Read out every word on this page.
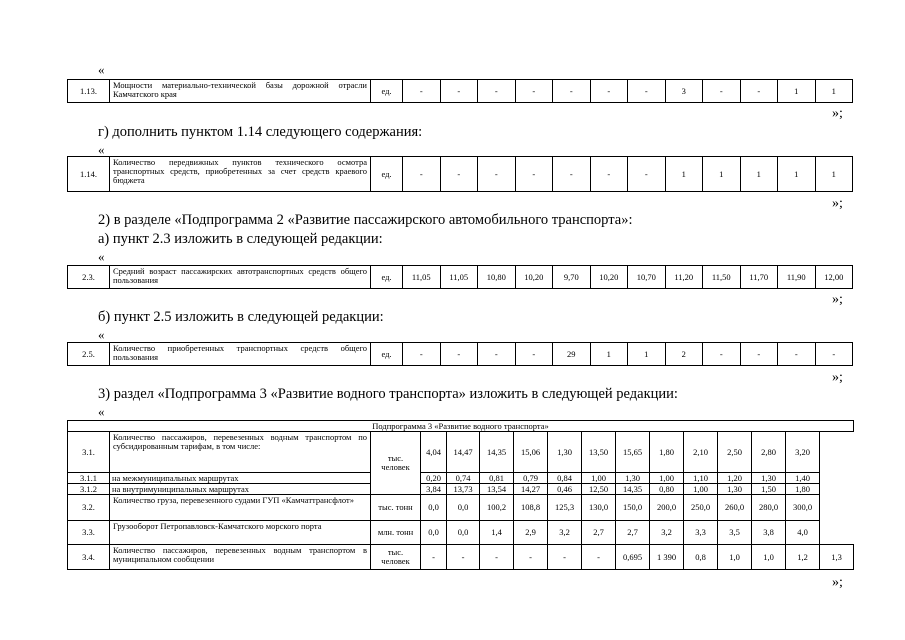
«
1.13.	Мощности материально-технической базы дорожной отрасли Камчатского края	ед.	-	-	-	-	-	-	-	3	-	-	1	1
»;
г) дополнить пунктом 1.14 следующего содержания:
«
1.14.	Количество передвижных пунктов технического осмотра транспортных средств, приобретенных за счет средств краевого бюджета	ед.	-	-	-	-	-	-	-	1	1	1	1	1
»;
2) в разделе «Подпрограмма 2 «Развитие пассажирского автомобильного транспорта»:
а) пункт 2.3 изложить в следующей редакции:
«
2.3.	Средний возраст пассажирских автотранспортных средств общего пользования	ед.	11,05	11,05	10,80	10,20	9,70	10,20	10,70	11,20	11,50	11,70	11,90	12,00
»;
б) пункт 2.5 изложить в следующей редакции:
«
2.5.	Количество приобретенных транспортных средств общего пользования	ед.	-	-	-	-	29	1	1	2	-	-	-	-
»;
3) раздел «Подпрограмма 3 «Развитие водного транспорта» изложить в следующей редакции:
«
Подпрограмма 3 «Развитие водного транспорта»															
3.1.	Количество пассажиров, перевезенных водным транспортом по субсидированным тарифам, в том числе:	тыс. человек	4,04	14,47	14,35	15,06	1,30	13,50	15,65	1,80	2,10	2,50	2,80	3,20	
3.1.1	на межмуниципальных маршрутах		0,20	0,74	0,81	0,79	0,84	1,00	1,30	1,00	1,10	1,20	1,30	1,40	
3.1.2	на внутримуниципальных маршрутах		3,84	13,73	13,54	14,27	0,46	12,50	14,35	0,80	1,00	1,30	1,50	1,80	
3.2.	Количество груза, перевезенного судами ГУП «Камчаттрансфлот»	тыс. тонн	0,0	0,0	100,2	108,8	125,3	130,0	150,0	200,0	250,0	260,0	280,0	300,0	
3.3.	Грузооборот Петропавловск-Камчатского морского порта	млн. тонн	0,0	0,0	1,4	2,9	3,2	2,7	2,7	3,2	3,3	3,5	3,8	4,0	
3.4.	Количество пассажиров, перевезенных водным транспортом в муниципальном сообщении	тыс. человек	-	-	-	-	-	-	0,695	1 390	0,8	1,0	1,0	1,2	1,3
»;
